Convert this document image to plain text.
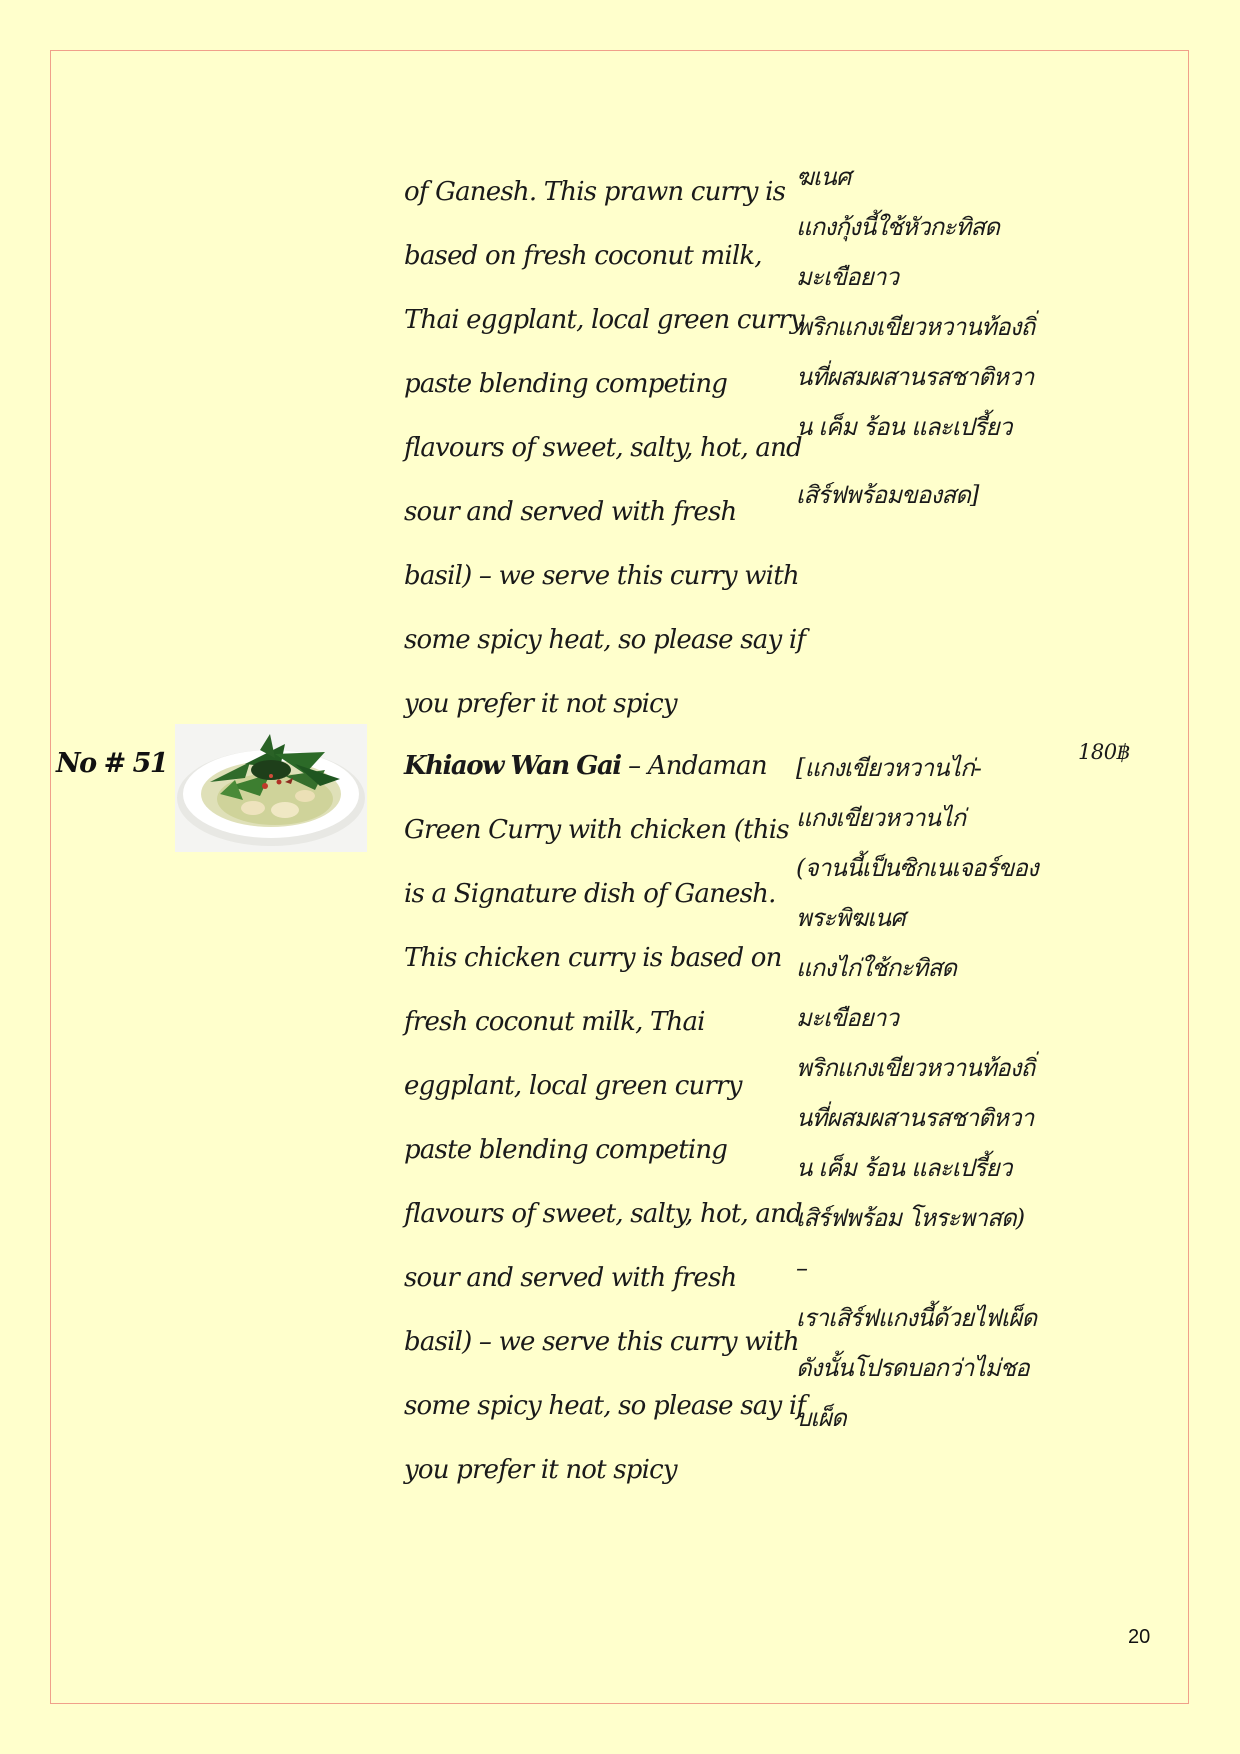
of Ganesh. This prawn curry is
based on fresh coconut milk,
Thai eggplant, local green curry
paste blending competing
flavours of sweet, salty, hot, and
sour and served with fresh
basil) – we serve this curry with
some spicy heat, so please say if
you prefer it not spicy
ฆเนศ
แกงกุ้งนี้ใช้หัวกะทิสด
มะเขือยาว
พริกแกงเขียวหวานท้องถิ่
นที่ผสมผสานรสชาติหวา
น เค็ม ร้อน และเปรี้ยว
เสิร์ฟพร้อมของสด]
No # 51	Khiaow Wan Gai – Andaman
Green Curry with chicken (this
is a Signature dish of Ganesh.
This chicken curry is based on
fresh coconut milk, Thai
eggplant, local green curry
paste blending competing
flavours of sweet, salty, hot, and
sour and served with fresh
basil) – we serve this curry with
some spicy heat, so please say if
you prefer it not spicy
[แกงเขียวหวานไก่-
แกงเขียวหวานไก่
(จานนี้เป็นซิกเนเจอร์ของ
พระพิฆเนศ
แกงไก่ใช้กะทิสด
มะเขือยาว
พริกแกงเขียวหวานท้องถิ่
นที่ผสมผสานรสชาติหวา
น เค็ม ร้อน และเปรี้ยว
เสิร์ฟพร้อม โหระพาสด)
–
เราเสิร์ฟแกงนี้ด้วยไฟเผ็ด
ดังนั้นโปรดบอกว่าไม่ชอ
บเผ็ด
180฿
20
